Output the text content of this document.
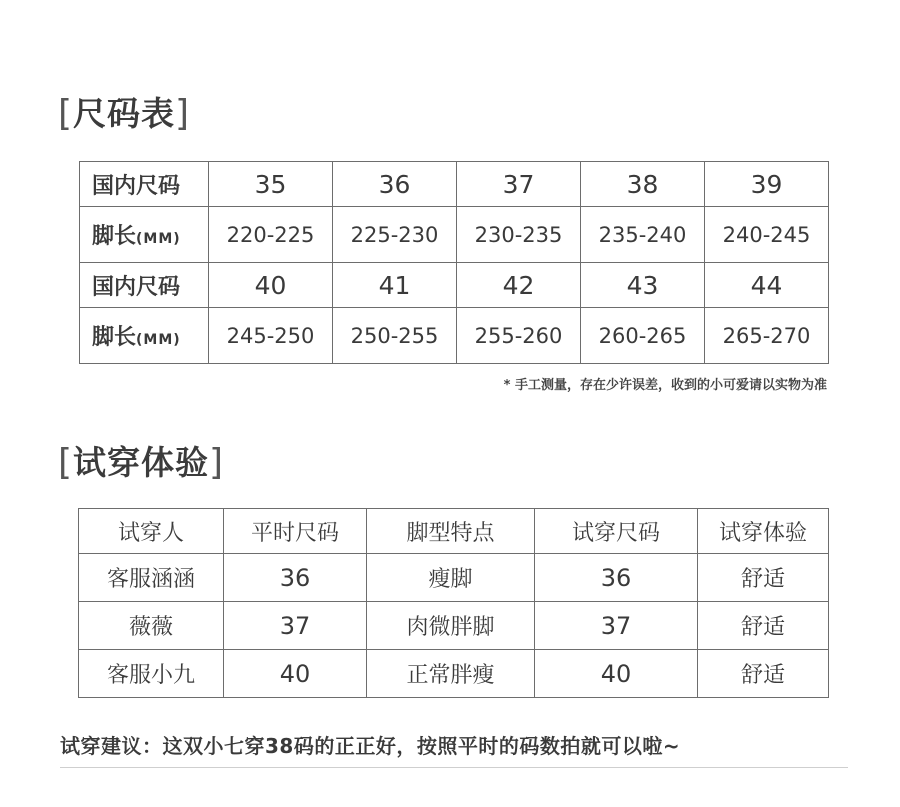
[尺码表]
国内尺码	35	36	37	38	39
脚长(MM)	220-225	225-230	230-235	235-240	240-245
国内尺码	40	41	42	43	44
脚长(MM)	245-250	250-255	255-260	260-265	265-270
* 手工测量，存在少许误差，收到的小可爱请以实物为准
[试穿体验]
试穿人	平时尺码	脚型特点	试穿尺码	试穿体验
客服涵涵	36	瘦脚	36	舒适
薇薇	37	肉微胖脚	37	舒适
客服小九	40	正常胖瘦	40	舒适
试穿建议：这双小七穿38码的正正好，按照平时的码数拍就可以啦~
